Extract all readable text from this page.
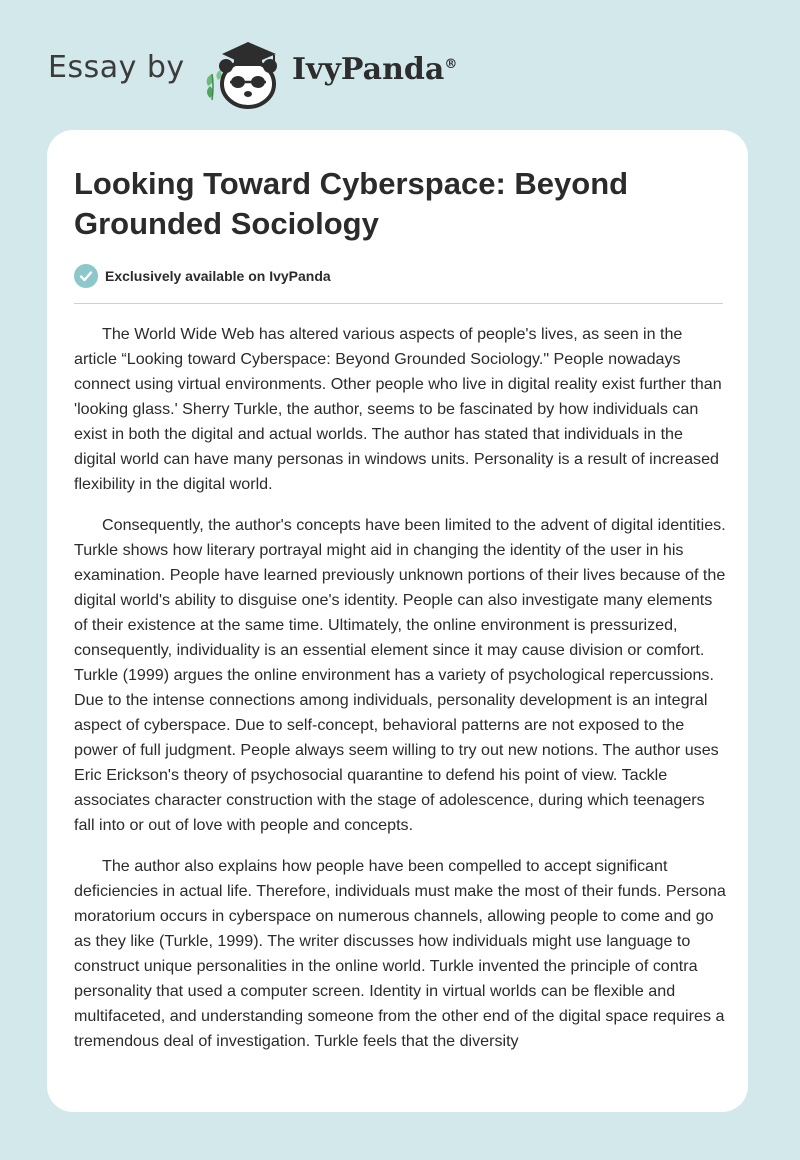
Essay by	IvyPanda®
Looking Toward Cyberspace: Beyond Grounded Sociology
Exclusively available on IvyPanda

The World Wide Web has altered various aspects of people's lives, as seen in the article “Looking toward Cyberspace: Beyond Grounded Sociology." People nowadays connect using virtual environments. Other people who live in digital reality exist further than 'looking glass.' Sherry Turkle, the author, seems to be fascinated by how individuals can exist in both the digital and actual worlds. The author has stated that individuals in the digital world can have many personas in windows units. Personality is a result of increased flexibility in the digital world.

Consequently, the author's concepts have been limited to the advent of digital identities. Turkle shows how literary portrayal might aid in changing the identity of the user in his examination. People have learned previously unknown portions of their lives because of the digital world's ability to disguise one's identity. People can also investigate many elements of their existence at the same time. Ultimately, the online environment is pressurized, consequently, individuality is an essential element since it may cause division or comfort. Turkle (1999) argues the online environment has a variety of psychological repercussions. Due to the intense connections among individuals, personality development is an integral aspect of cyberspace. Due to self-concept, behavioral patterns are not exposed to the power of full judgment. People always seem willing to try out new notions. The author uses Eric Erickson's theory of psychosocial quarantine to defend his point of view. Tackle associates character construction with the stage of adolescence, during which teenagers fall into or out of love with people and concepts.

The author also explains how people have been compelled to accept significant deficiencies in actual life. Therefore, individuals must make the most of their funds. Persona moratorium occurs in cyberspace on numerous channels, allowing people to come and go as they like (Turkle, 1999). The writer discusses how individuals might use language to construct unique personalities in the online world. Turkle invented the principle of contra personality that used a computer screen. Identity in virtual worlds can be flexible and multifaceted, and understanding someone from the other end of the digital space requires a tremendous deal of investigation. Turkle feels that the diversity
